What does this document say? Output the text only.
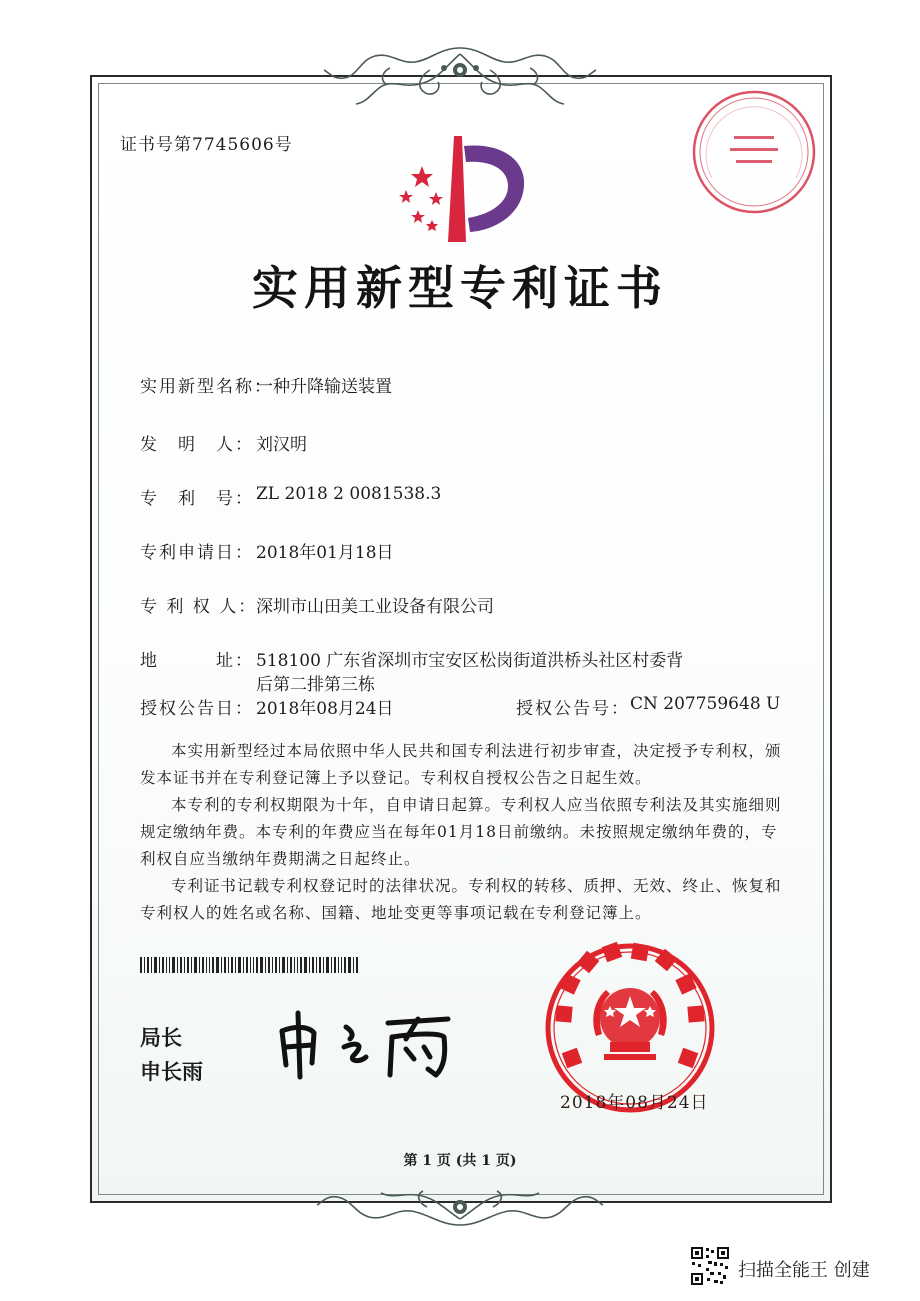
证书号第7745606号
实用新型专利证书
实用新型名称：
一种升降输送装置
发　明　人： 刘汉明
专　利　号： ZL 2018 2 0081538.3
专利申请日： 2018年01月18日
专 利 权 人：
深圳市山田美工业设备有限公司
地　　　址： 518100 广东省深圳市宝安区松岗街道洪桥头社区村委背
后第二排第三栋
授权公告日： 2018年08月24日	授权公告号： CN 207759648 U
本实用新型经过本局依照中华人民共和国专利法进行初步审查，决定授予专利权，颁发本证书并在专利登记簿上予以登记。专利权自授权公告之日起生效。
本专利的专利权期限为十年，自申请日起算。专利权人应当依照专利法及其实施细则规定缴纳年费。本专利的年费应当在每年01月18日前缴纳。未按照规定缴纳年费的，专利权自应当缴纳年费期满之日起终止。
专利证书记载专利权登记时的法律状况。专利权的转移、质押、无效、终止、恢复和专利权人的姓名或名称、国籍、地址变更等事项记载在专利登记簿上。
局长
申长雨
2018年08月24日
第 1 页 (共 1 页)
扫描全能王 创建
